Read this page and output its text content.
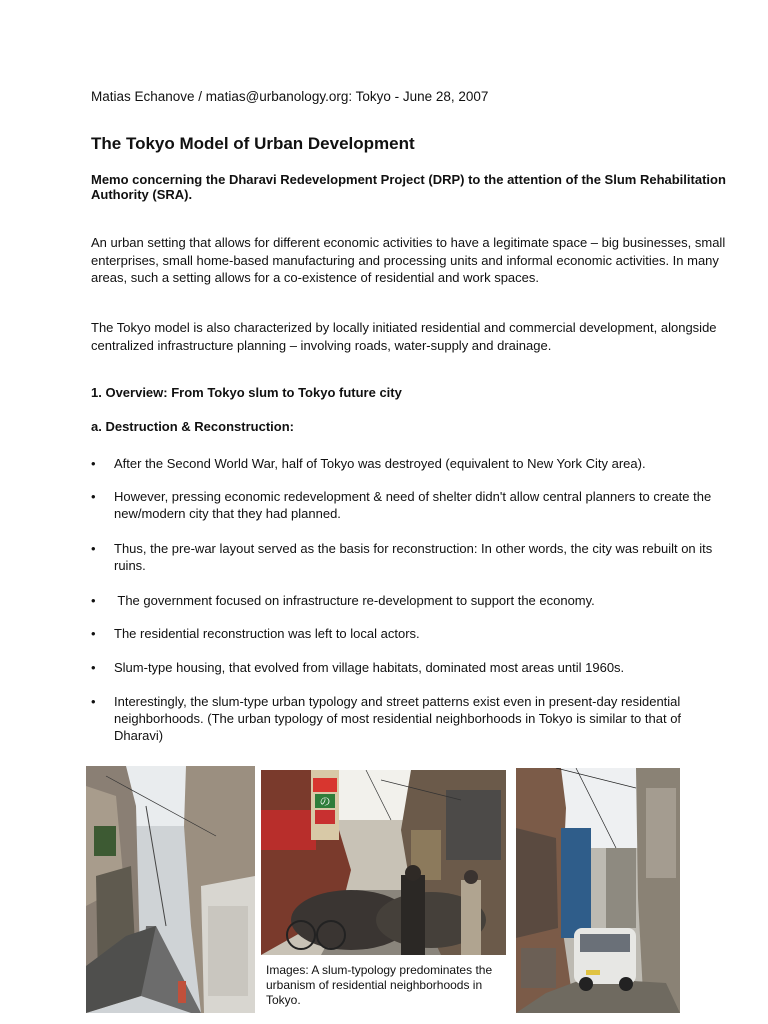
Matias Echanove / matias@urbanology.org: Tokyo - June 28, 2007
The Tokyo Model of Urban Development

Memo concerning the Dharavi Redevelopment Project (DRP) to the attention of the Slum Rehabilitation Authority (SRA).

An urban setting that allows for different economic activities to have a legitimate space – big businesses, small enterprises, small home-based manufacturing and processing units and informal economic activities. In many areas, such a setting allows for a co-existence of residential and work spaces.

The Tokyo model is also characterized by locally initiated residential and commercial development, alongside centralized infrastructure planning – involving roads, water-supply and drainage.

1. Overview: From Tokyo slum to Tokyo future city
a. Destruction & Reconstruction:
•	After the Second World War, half of Tokyo was destroyed (equivalent to New York City area).
•	However, pressing economic redevelopment & need of shelter didn't allow central planners to create the new/modern city that they had planned.
•	Thus, the pre-war layout served as the basis for reconstruction: In other words, the city was rebuilt on its ruins.
•	The government focused on infrastructure re-development to support the economy.
•	The residential reconstruction was left to local actors.
•	Slum-type housing, that evolved from village habitats, dominated most areas until 1960s.
•	Interestingly, the slum-type urban typology and street patterns exist even in present-day residential neighborhoods. (The urban typology of most residential neighborhoods in Tokyo is similar to that of Dharavi)
の

Images: A slum-typology predominates the urbanism of residential neighborhoods in Tokyo.
